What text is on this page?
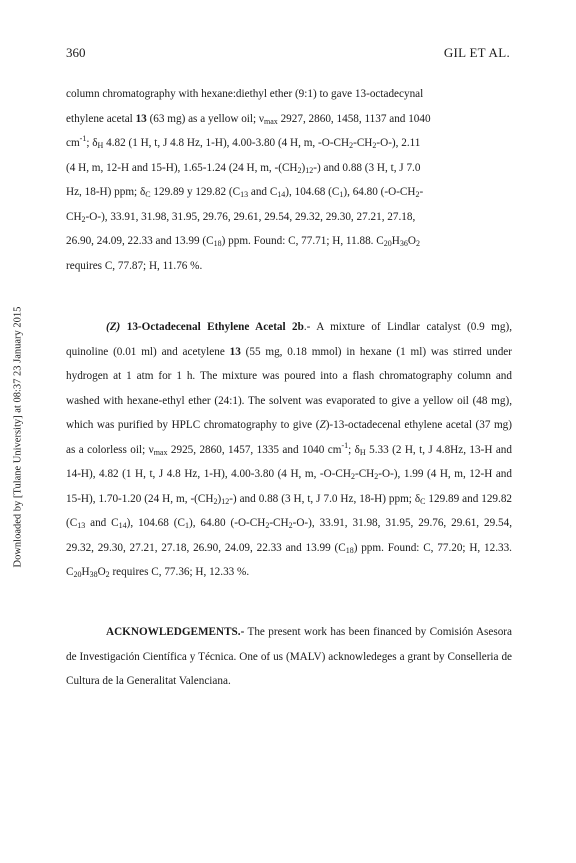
360	GIL ET AL.
Downloaded by [Tulane University] at 08:37 23 January 2015

column chromatography with hexane:diethyl ether (9:1) to gave 13-octadecynal
ethylene acetal 13 (63 mg) as a yellow oil; $\nu_{max}$ 2927, 2860, 1458, 1137 and 1040
$cm^{-1}$; $\delta_H$ 4.82 (1 H, t, J 4.8 Hz, 1-H), 4.00-3.80 (4 H, m, $-O-CH_2-CH_2-O-$), 2.11
(4 H, m, 12-H and 15-H), 1.65-1.24 (24 H, m, $-(CH_2)_{12}-$) and 0.88 (3 H, t, J 7.0
Hz, 18-H) ppm; $\delta_C$ 129.89 y 129.82 ($C_{13}$ and $C_{14}$), 104.68 $(C_1)$, 64.80 ($-O-CH_2-$
$CH_2-O-$), 33.91, 31.98, 31.95, 29.76, 29.61, 29.54, 29.32, 29.30, 27.21, 27.18,
26.90, 24.09, 22.33 and 13.99 $(C_{18})$ ppm. Found: C, 77.71; H, 11.88. $C_{20}H_{36}O_2$
requires C, 77.87; H, 11.76 %.

(Z) 13-Octadecenal Ethylene Acetal 2b.- A mixture of Lindlar catalyst (0.9 mg), quinoline (0.01 ml) and acetylene 13 (55 mg, 0.18 mmol) in hexane (1 ml) was stirred under hydrogen at 1 atm for 1 h. The mixture was poured into a flash chromatography column and washed with hexane-ethyl ether (24:1). The solvent was evaporated to give a yellow oil (48 mg), which was purified by HPLC chromatography to give (Z)-13-octadecenal ethylene acetal (37 mg) as a colorless oil; $\nu_{max}$ 2925, 2860, 1457, 1335 and 1040 $cm^{-1}$; $\delta_H$ 5.33 (2 H, t, J 4.8Hz, 13-H and 14-H), 4.82 (1 H, t, J 4.8 Hz, 1-H), 4.00-3.80 (4 H, m, $-O-CH_2-CH_2-O-$), 1.99 (4 H, m, 12-H and 15-H), 1.70-1.20 (24 H, m, $-(CH_2)_{12}-$) and 0.88 (3 H, t, J 7.0 Hz, 18-H) ppm; $\delta_C$ 129.89 and 129.82 ($C_{13}$ and $C_{14}$), 104.68 $(C_1)$, 64.80 $(-O-CH_2-CH_2-O-)$, 33.91, 31.98, 31.95, 29.76, 29.61, 29.54, 29.32, 29.30, 27.21, 27.18, 26.90, 24.09, 22.33 and 13.99 $(C_{18})$ ppm. Found: C, 77.20; H, 12.33. $C_{20}H_{38}O_2$ requires C, 77.36; H, 12.33 %.

ACKNOWLEDGEMENTS.- The present work has been financed by Comisión Asesora de Investigación Científica y Técnica. One of us (MALV) acknowledeges a grant by Conselleria de Cultura de la Generalitat Valenciana.
